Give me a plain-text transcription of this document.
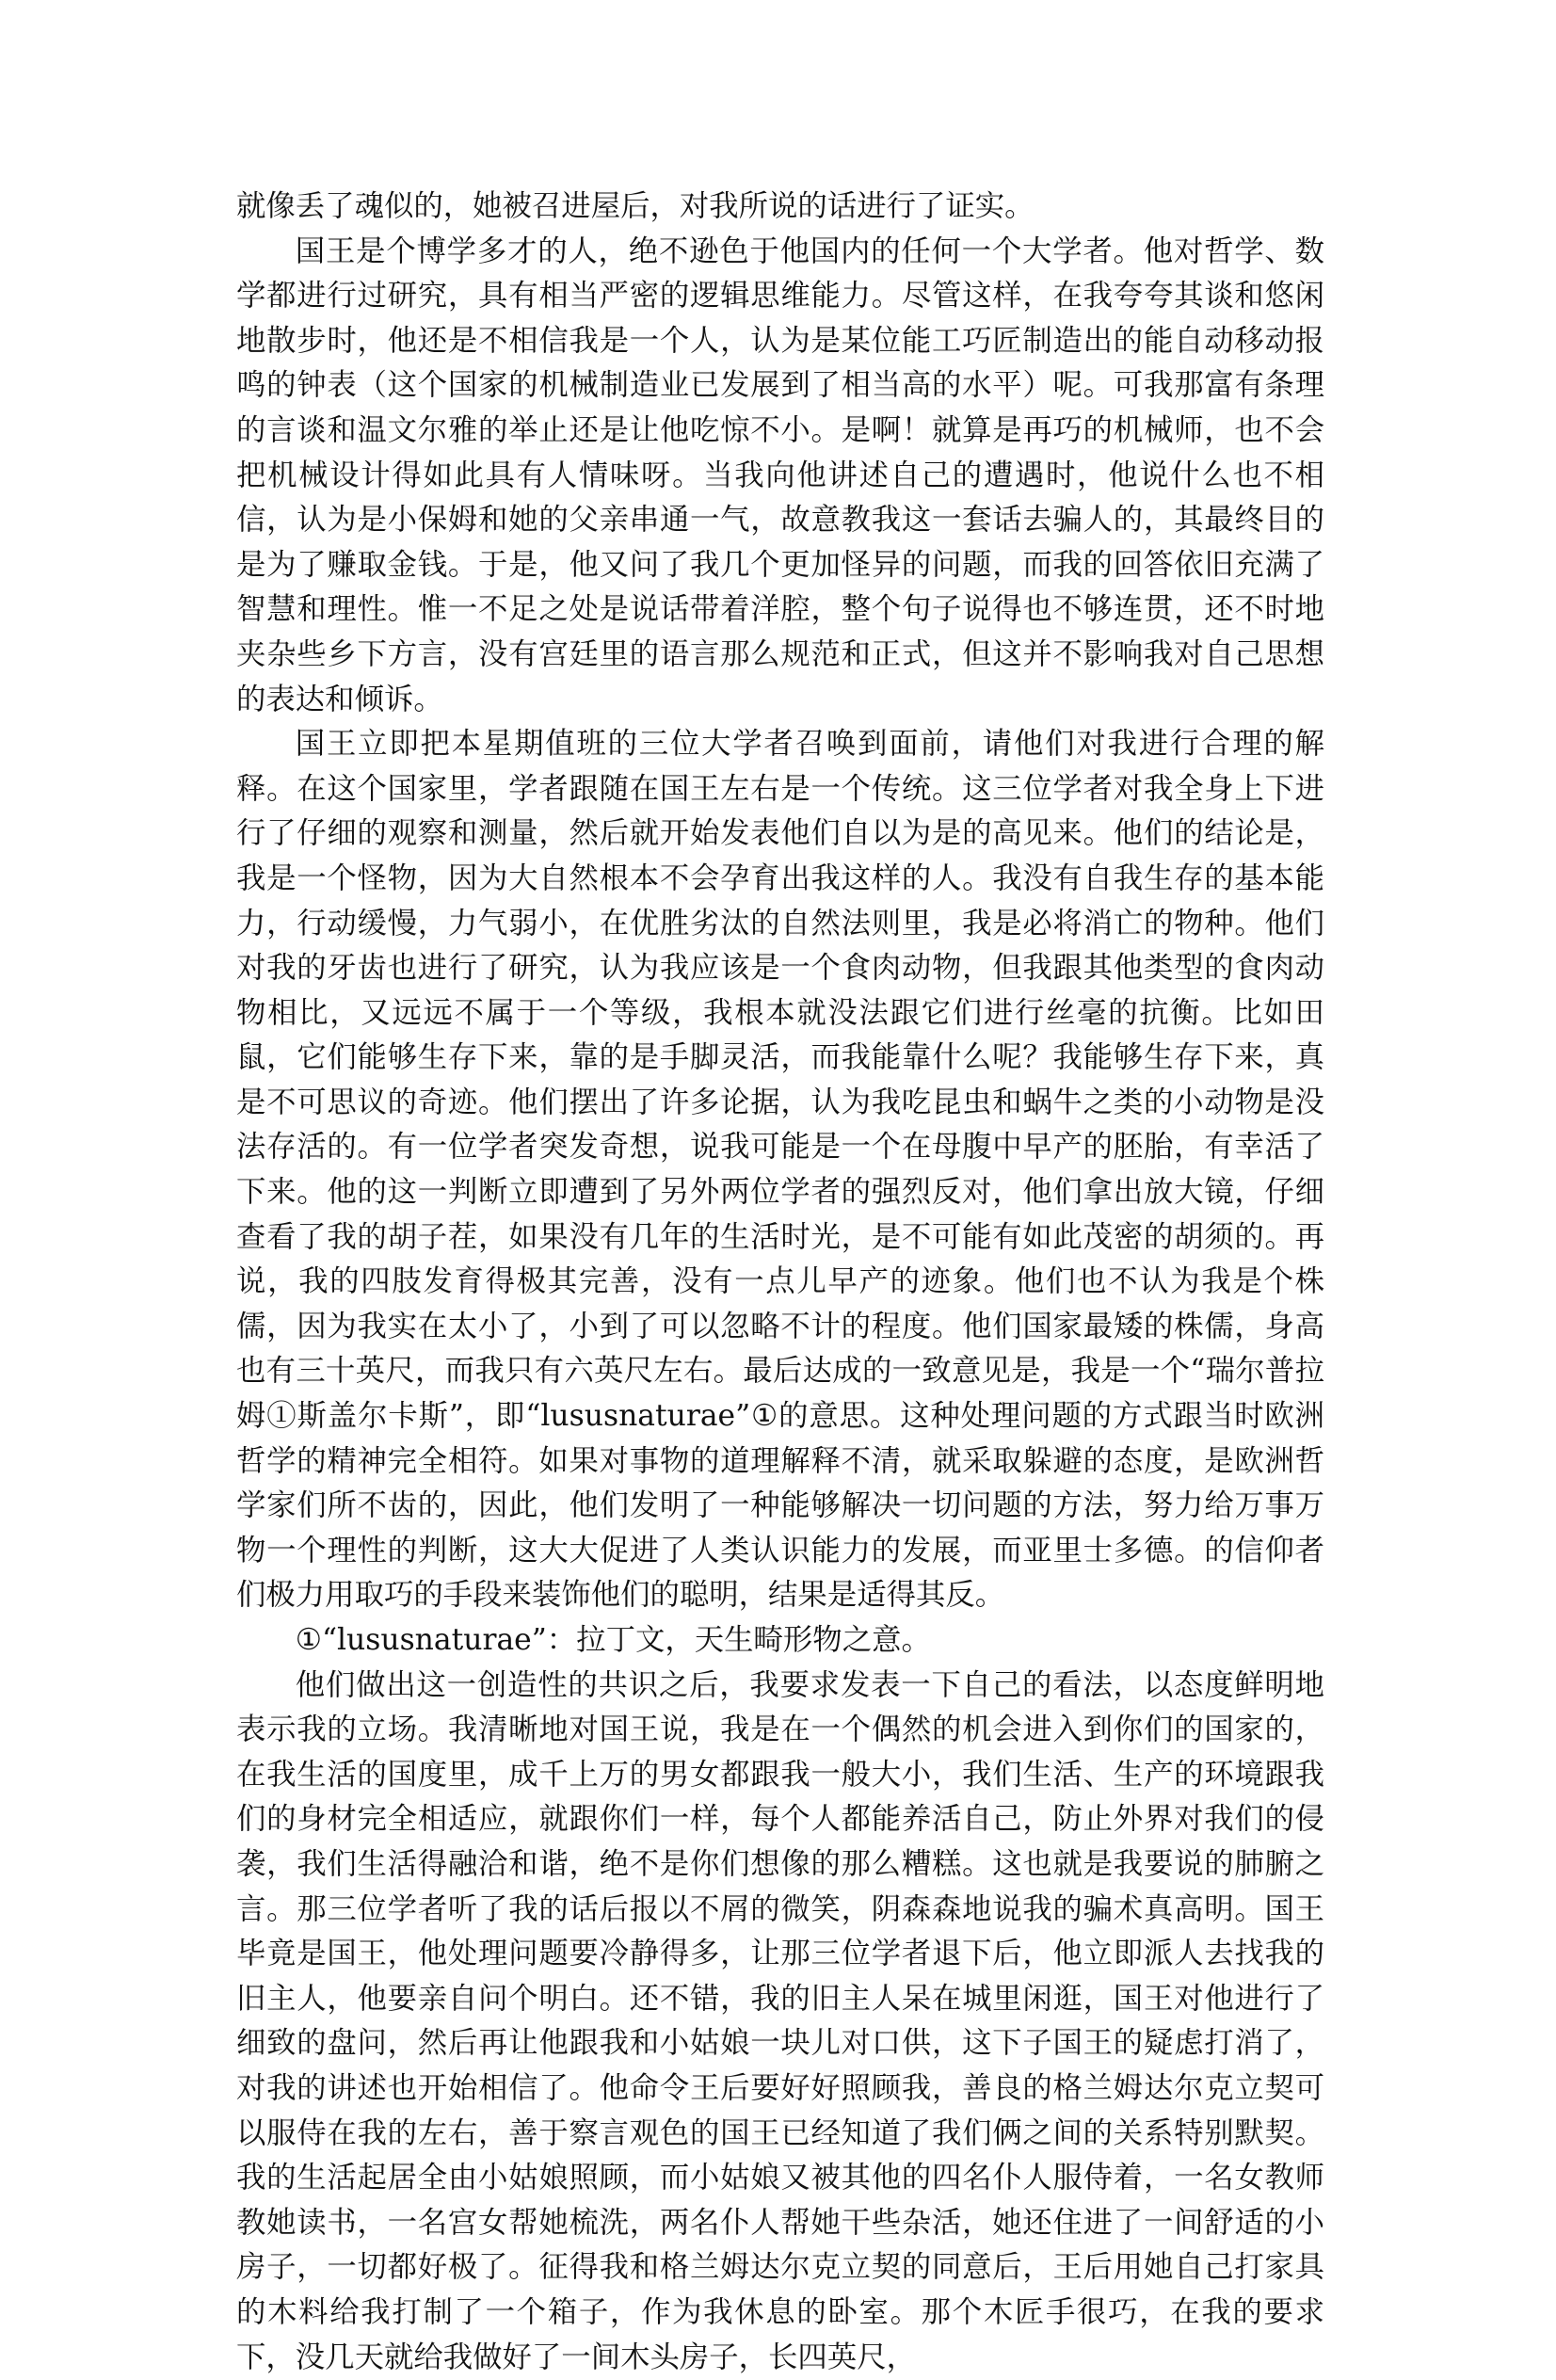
就像丢了魂似的，她被召进屋后，对我所说的话进行了证实。

国王是个博学多才的人，绝不逊色于他国内的任何一个大学者。他对哲学、数学都进行过研究，具有相当严密的逻辑思维能力。尽管这样，在我夸夸其谈和悠闲地散步时，他还是不相信我是一个人，认为是某位能工巧匠制造出的能自动移动报鸣的钟表（这个国家的机械制造业已发展到了相当高的水平）呢。可我那富有条理的言谈和温文尔雅的举止还是让他吃惊不小。是啊！就算是再巧的机械师，也不会把机械设计得如此具有人情味呀。当我向他讲述自己的遭遇时，他说什么也不相信，认为是小保姆和她的父亲串通一气，故意教我这一套话去骗人的，其最终目的是为了赚取金钱。于是，他又问了我几个更加怪异的问题，而我的回答依旧充满了智慧和理性。惟一不足之处是说话带着洋腔，整个句子说得也不够连贯，还不时地夹杂些乡下方言，没有宫廷里的语言那么规范和正式，但这并不影响我对自己思想的表达和倾诉。

国王立即把本星期值班的三位大学者召唤到面前，请他们对我进行合理的解释。在这个国家里，学者跟随在国王左右是一个传统。这三位学者对我全身上下进行了仔细的观察和测量，然后就开始发表他们自以为是的高见来。他们的结论是，我是一个怪物，因为大自然根本不会孕育出我这样的人。我没有自我生存的基本能力，行动缓慢，力气弱小，在优胜劣汰的自然法则里，我是必将消亡的物种。他们对我的牙齿也进行了研究，认为我应该是一个食肉动物，但我跟其他类型的食肉动物相比，又远远不属于一个等级，我根本就没法跟它们进行丝毫的抗衡。比如田鼠，它们能够生存下来，靠的是手脚灵活，而我能靠什么呢？我能够生存下来，真是不可思议的奇迹。他们摆出了许多论据，认为我吃昆虫和蜗牛之类的小动物是没法存活的。有一位学者突发奇想，说我可能是一个在母腹中早产的胚胎，有幸活了下来。他的这一判断立即遭到了另外两位学者的强烈反对，他们拿出放大镜，仔细查看了我的胡子茬，如果没有几年的生活时光，是不可能有如此茂密的胡须的。再说，我的四肢发育得极其完善，没有一点儿早产的迹象。他们也不认为我是个株儒，因为我实在太小了，小到了可以忽略不计的程度。他们国家最矮的株儒，身高也有三十英尺，而我只有六英尺左右。最后达成的一致意见是，我是一个“瑞尔普拉姆①斯盖尔卡斯”，即“lususnaturae”①的意思。这种处理问题的方式跟当时欧洲哲学的精神完全相符。如果对事物的道理解释不清，就采取躲避的态度，是欧洲哲学家们所不齿的，因此，他们发明了一种能够解决一切问题的方法，努力给万事万物一个理性的判断，这大大促进了人类认识能力的发展，而亚里士多德。的信仰者们极力用取巧的手段来装饰他们的聪明，结果是适得其反。

①“lususnaturae”：拉丁文，天生畸形物之意。

他们做出这一创造性的共识之后，我要求发表一下自己的看法，以态度鲜明地表示我的立场。我清晰地对国王说，我是在一个偶然的机会进入到你们的国家的，在我生活的国度里，成千上万的男女都跟我一般大小，我们生活、生产的环境跟我们的身材完全相适应，就跟你们一样，每个人都能养活自己，防止外界对我们的侵袭，我们生活得融洽和谐，绝不是你们想像的那么糟糕。这也就是我要说的肺腑之言。那三位学者听了我的话后报以不屑的微笑，阴森森地说我的骗术真高明。国王毕竟是国王，他处理问题要冷静得多，让那三位学者退下后，他立即派人去找我的旧主人，他要亲自问个明白。还不错，我的旧主人呆在城里闲逛，国王对他进行了细致的盘问，然后再让他跟我和小姑娘一块儿对口供，这下子国王的疑虑打消了，对我的讲述也开始相信了。他命令王后要好好照顾我，善良的格兰姆达尔克立契可以服侍在我的左右，善于察言观色的国王已经知道了我们俩之间的关系特别默契。我的生活起居全由小姑娘照顾，而小姑娘又被其他的四名仆人服侍着，一名女教师教她读书，一名宫女帮她梳洗，两名仆人帮她干些杂活，她还住进了一间舒适的小房子，一切都好极了。征得我和格兰姆达尔克立契的同意后，王后用她自己打家具的木料给我打制了一个箱子，作为我休息的卧室。那个木匠手很巧，在我的要求下，没几天就给我做好了一间木头房子，长四英尺，
